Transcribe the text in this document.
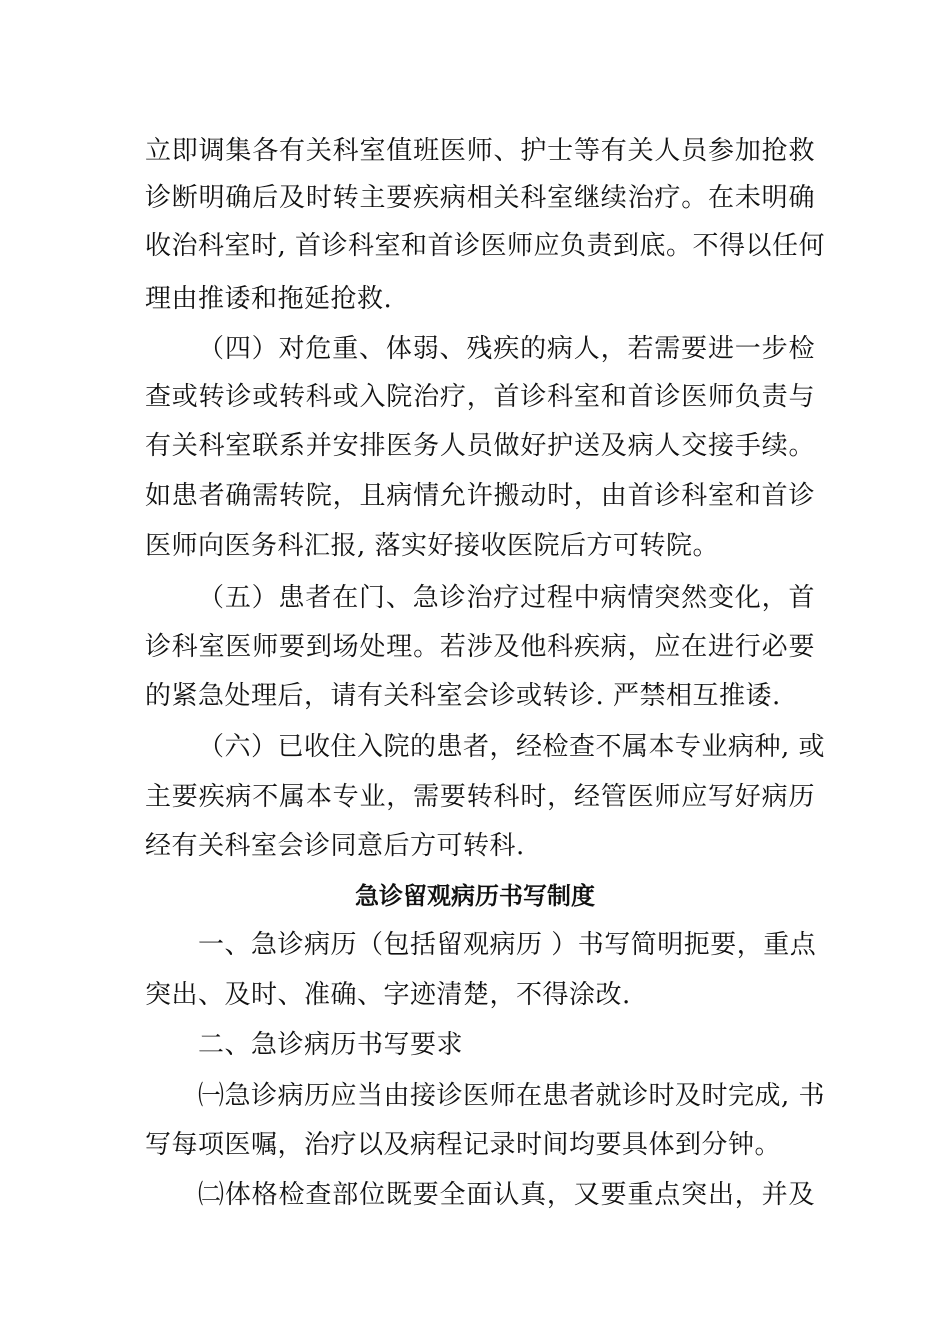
立即调集各有关科室值班医师、护士等有关人员参加抢救
诊断明确后及时转主要疾病相关科室继续治疗。在未明确
收治科室时, 首诊科室和首诊医师应负责到底。不得以任何
理由推诿和拖延抢救.
（四）对危重、体弱、残疾的病人，若需要进一步检
查或转诊或转科或入院治疗，首诊科室和首诊医师负责与
有关科室联系并安排医务人员做好护送及病人交接手续。
如患者确需转院，且病情允许搬动时，由首诊科室和首诊
医师向医务科汇报, 落实好接收医院后方可转院。
（五）患者在门、急诊治疗过程中病情突然变化，首
诊科室医师要到场处理。若涉及他科疾病，应在进行必要
的紧急处理后，请有关科室会诊或转诊. 严禁相互推诿.
（六）已收住入院的患者，经检查不属本专业病种, 或
主要疾病不属本专业，需要转科时，经管医师应写好病历
经有关科室会诊同意后方可转科.
急诊留观病历书写制度
一、急诊病历（包括留观病历 ）书写简明扼要，重点
突出、及时、准确、字迹清楚，不得涂改.
二、急诊病历书写要求
㈠急诊病历应当由接诊医师在患者就诊时及时完成, 书
写每项医嘱，治疗以及病程记录时间均要具体到分钟。
㈡体格检查部位既要全面认真，又要重点突出，并及
